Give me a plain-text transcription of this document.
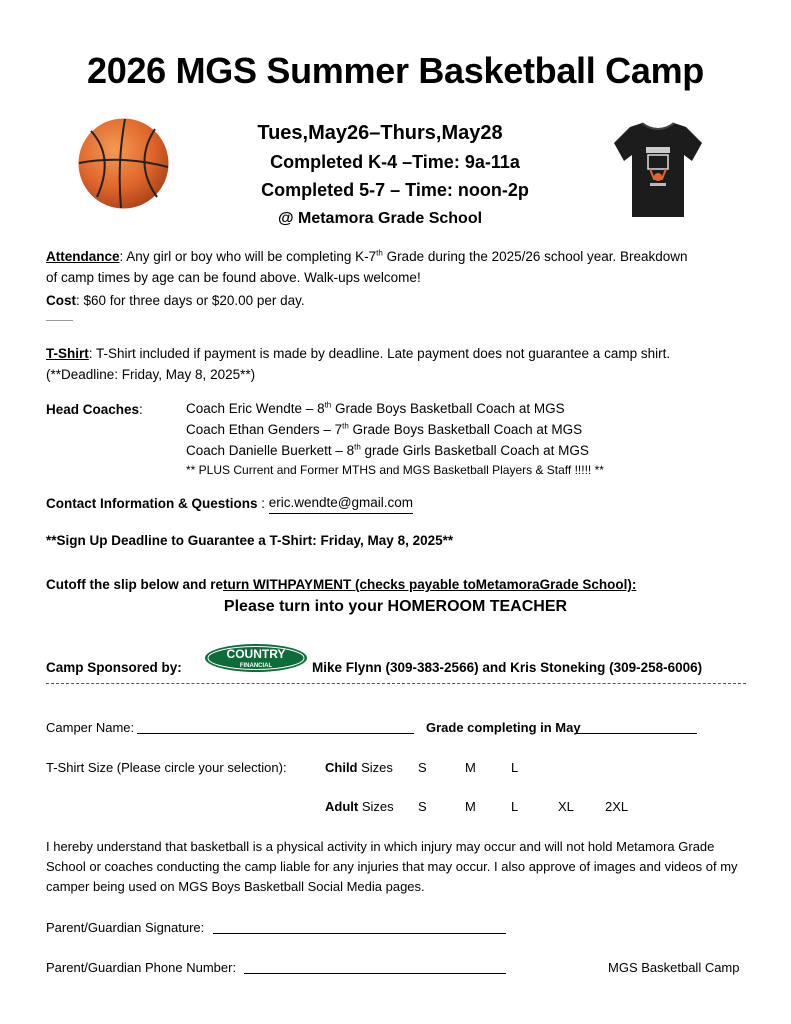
2026 MGS Summer Basketball Camp
Tues,May26–Thurs,May28
Completed K-4 –Time: 9a-11a
Completed 5-7 – Time: noon-2p
@ Metamora Grade School
Attendance: Any girl or boy who will be completing K-7th Grade during the 2025/26 school year. Breakdown
of camp times by age can be found above. Walk-ups welcome!
Cost: $60 for three days or $20.00 per day.
T-Shirt: T-Shirt included if payment is made by deadline. Late payment does not guarantee a camp shirt.
(**Deadline: Friday, May 8, 2025**)
Head Coaches :	Coach Eric Wendte – 8th Grade Boys Basketball Coach at MGS
Coach Ethan Genders – 7th Grade Boys Basketball Coach at MGS
Coach Danielle Buerkett – 8th grade Girls Basketball Coach at MGS
** PLUS Current and Former MTHS and MGS Basketball Players & Staff !!!!! **
Contact Information & Questions : eric.wendte@gmail.com
**Sign Up Deadline to Guarantee a T-Shirt: Friday, May 8, 2025**
Cutoff the slip below and return WITHPAYMENT (checks payable toMetamoraGrade School):
Please turn into your HOMEROOM TEACHER
Camp Sponsored by:
COUNTRY
FINANCIAL	Mike Flynn (309-383-2566) and Kris Stoneking (309-258-6006)
Camper Name:	Grade completing in May
T-Shirt Size (Please circle your selection):	Child Sizes S	M	L
Adult Sizes S	M	L	XL 2XL
I hereby understand that basketball is a physical activity in which injury may occur and will not hold Metamora Grade
School or coaches conducting the camp liable for any injuries that may occur. I also approve of images and videos of my
camper being used on MGS Boys Basketball Social Media pages.
Parent/Guardian Signature:
Parent/Guardian Phone Number:	MGS Basketball Camp
